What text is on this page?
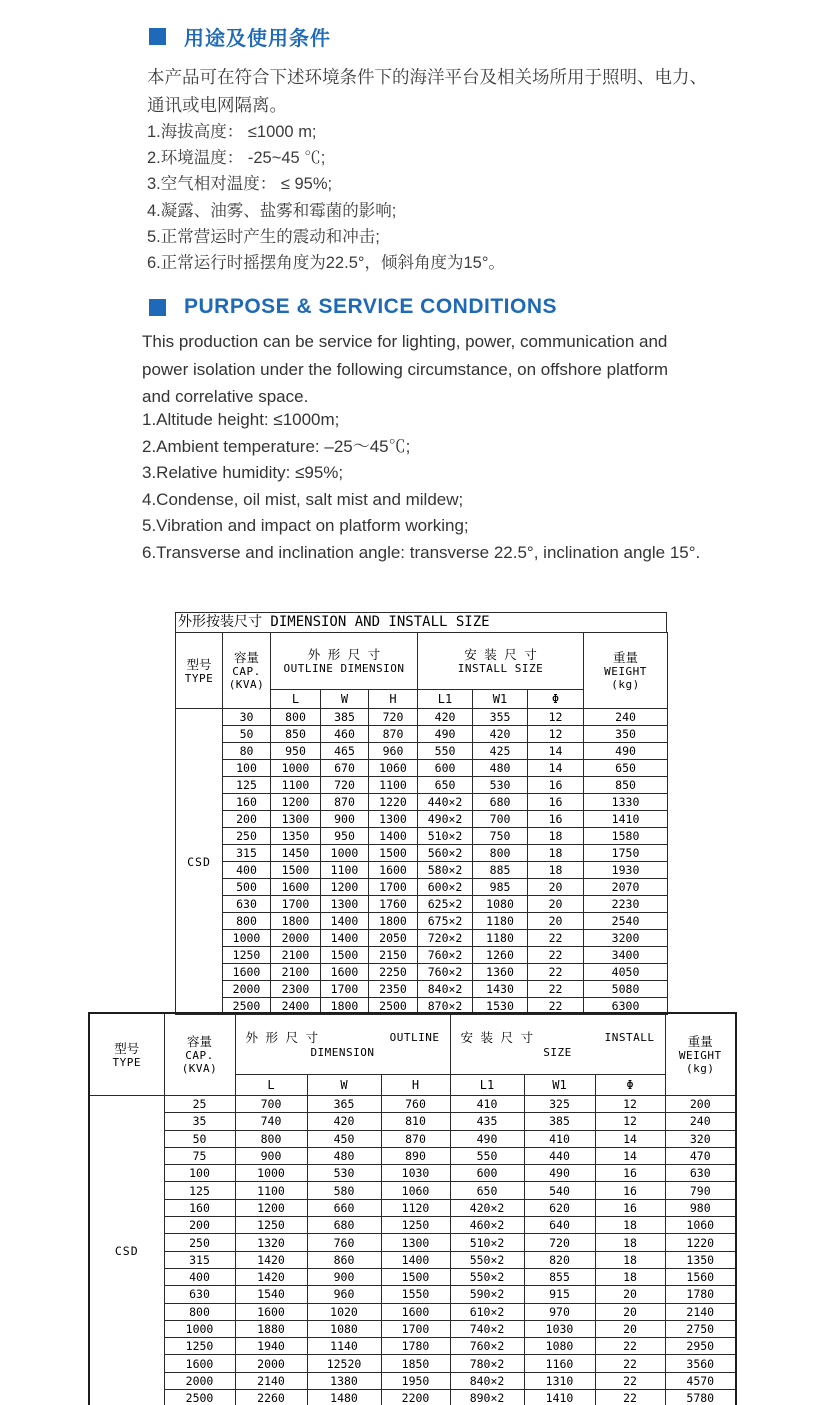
用途及使用条件
本产品可在符合下述环境条件下的海洋平台及相关场所用于照明、电力、
通讯或电网隔离。
1.海拔高度： ≤1000 m;
2.环境温度： -25~45 ℃;
3.空气相对温度： ≤ 95%;
4.凝露、油雾、盐雾和霉菌的影响;
5.正常营运时产生的震动和冲击;
6.正常运行时摇摆角度为22.5°，倾斜角度为15°。
PURPOSE & SERVICE CONDITIONS
This production can be service for lighting, power, communication and
power isolation under the following circumstance, on offshore platform
and correlative space.
1.Altitude height: ≤1000m;
2.Ambient temperature: –25～45℃;
3.Relative humidity: ≤95%;
4.Condense, oil mist, salt mist and mildew;
5.Vibration and impact on platform working;
6.Transverse and inclination angle: transverse 22.5°, inclination angle 15°.
外形按装尺寸 DIMENSION AND INSTALL SIZE
型号
TYPE

容量
CAP.
(KVA)

外 形 尺 寸
OUTLINE DIMENSION

安 装 尺 寸
INSTALL SIZE

重量
WEIGHT
(kg)

		L	W	H	L1	W1	Φ	
CSD	30	800	385	720	420	355	12	240
	50	850	460	870	490	420	12	350
	80	950	465	960	550	425	14	490
	100	1000	670	1060	600	480	14	650
	125	1100	720	1100	650	530	16	850
	160	1200	870	1220	440×2	680	16	1330
	200	1300	900	1300	490×2	700	16	1410
	250	1350	950	1400	510×2	750	18	1580
	315	1450	1000	1500	560×2	800	18	1750
	400	1500	1100	1600	580×2	885	18	1930
	500	1600	1200	1700	600×2	985	20	2070
	630	1700	1300	1760	625×2	1080	20	2230
	800	1800	1400	1800	675×2	1180	20	2540
	1000	2000	1400	2050	720×2	1180	22	3200
	1250	2100	1500	2150	760×2	1260	22	3400
	1600	2100	1600	2250	760×2	1360	22	4050
	2000	2300	1700	2350	840×2	1430	22	5080
	2500	2400	1800	2500	870×2	1530	22	6300
型号
TYPE

容量
CAP.
(KVA)

外 形 尺 寸	OUTLINE
DIMENSION

安 装 尺 寸	INSTALL
SIZE

重量
WEIGHT
(kg)

		L	W	H	L1	W1	Φ	
CSD	25	700	365	760	410	325	12	200
	35	740	420	810	435	385	12	240
	50	800	450	870	490	410	14	320
	75	900	480	890	550	440	14	470
	100	1000	530	1030	600	490	16	630
	125	1100	580	1060	650	540	16	790
	160	1200	660	1120	420×2	620	16	980
	200	1250	680	1250	460×2	640	18	1060
	250	1320	760	1300	510×2	720	18	1220
	315	1420	860	1400	550×2	820	18	1350
	400	1420	900	1500	550×2	855	18	1560
	630	1540	960	1550	590×2	915	20	1780
	800	1600	1020	1600	610×2	970	20	2140
	1000	1880	1080	1700	740×2	1030	20	2750
	1250	1940	1140	1780	760×2	1080	22	2950
	1600	2000	12520	1850	780×2	1160	22	3560
	2000	2140	1380	1950	840×2	1310	22	4570
	2500	2260	1480	2200	890×2	1410	22	5780
